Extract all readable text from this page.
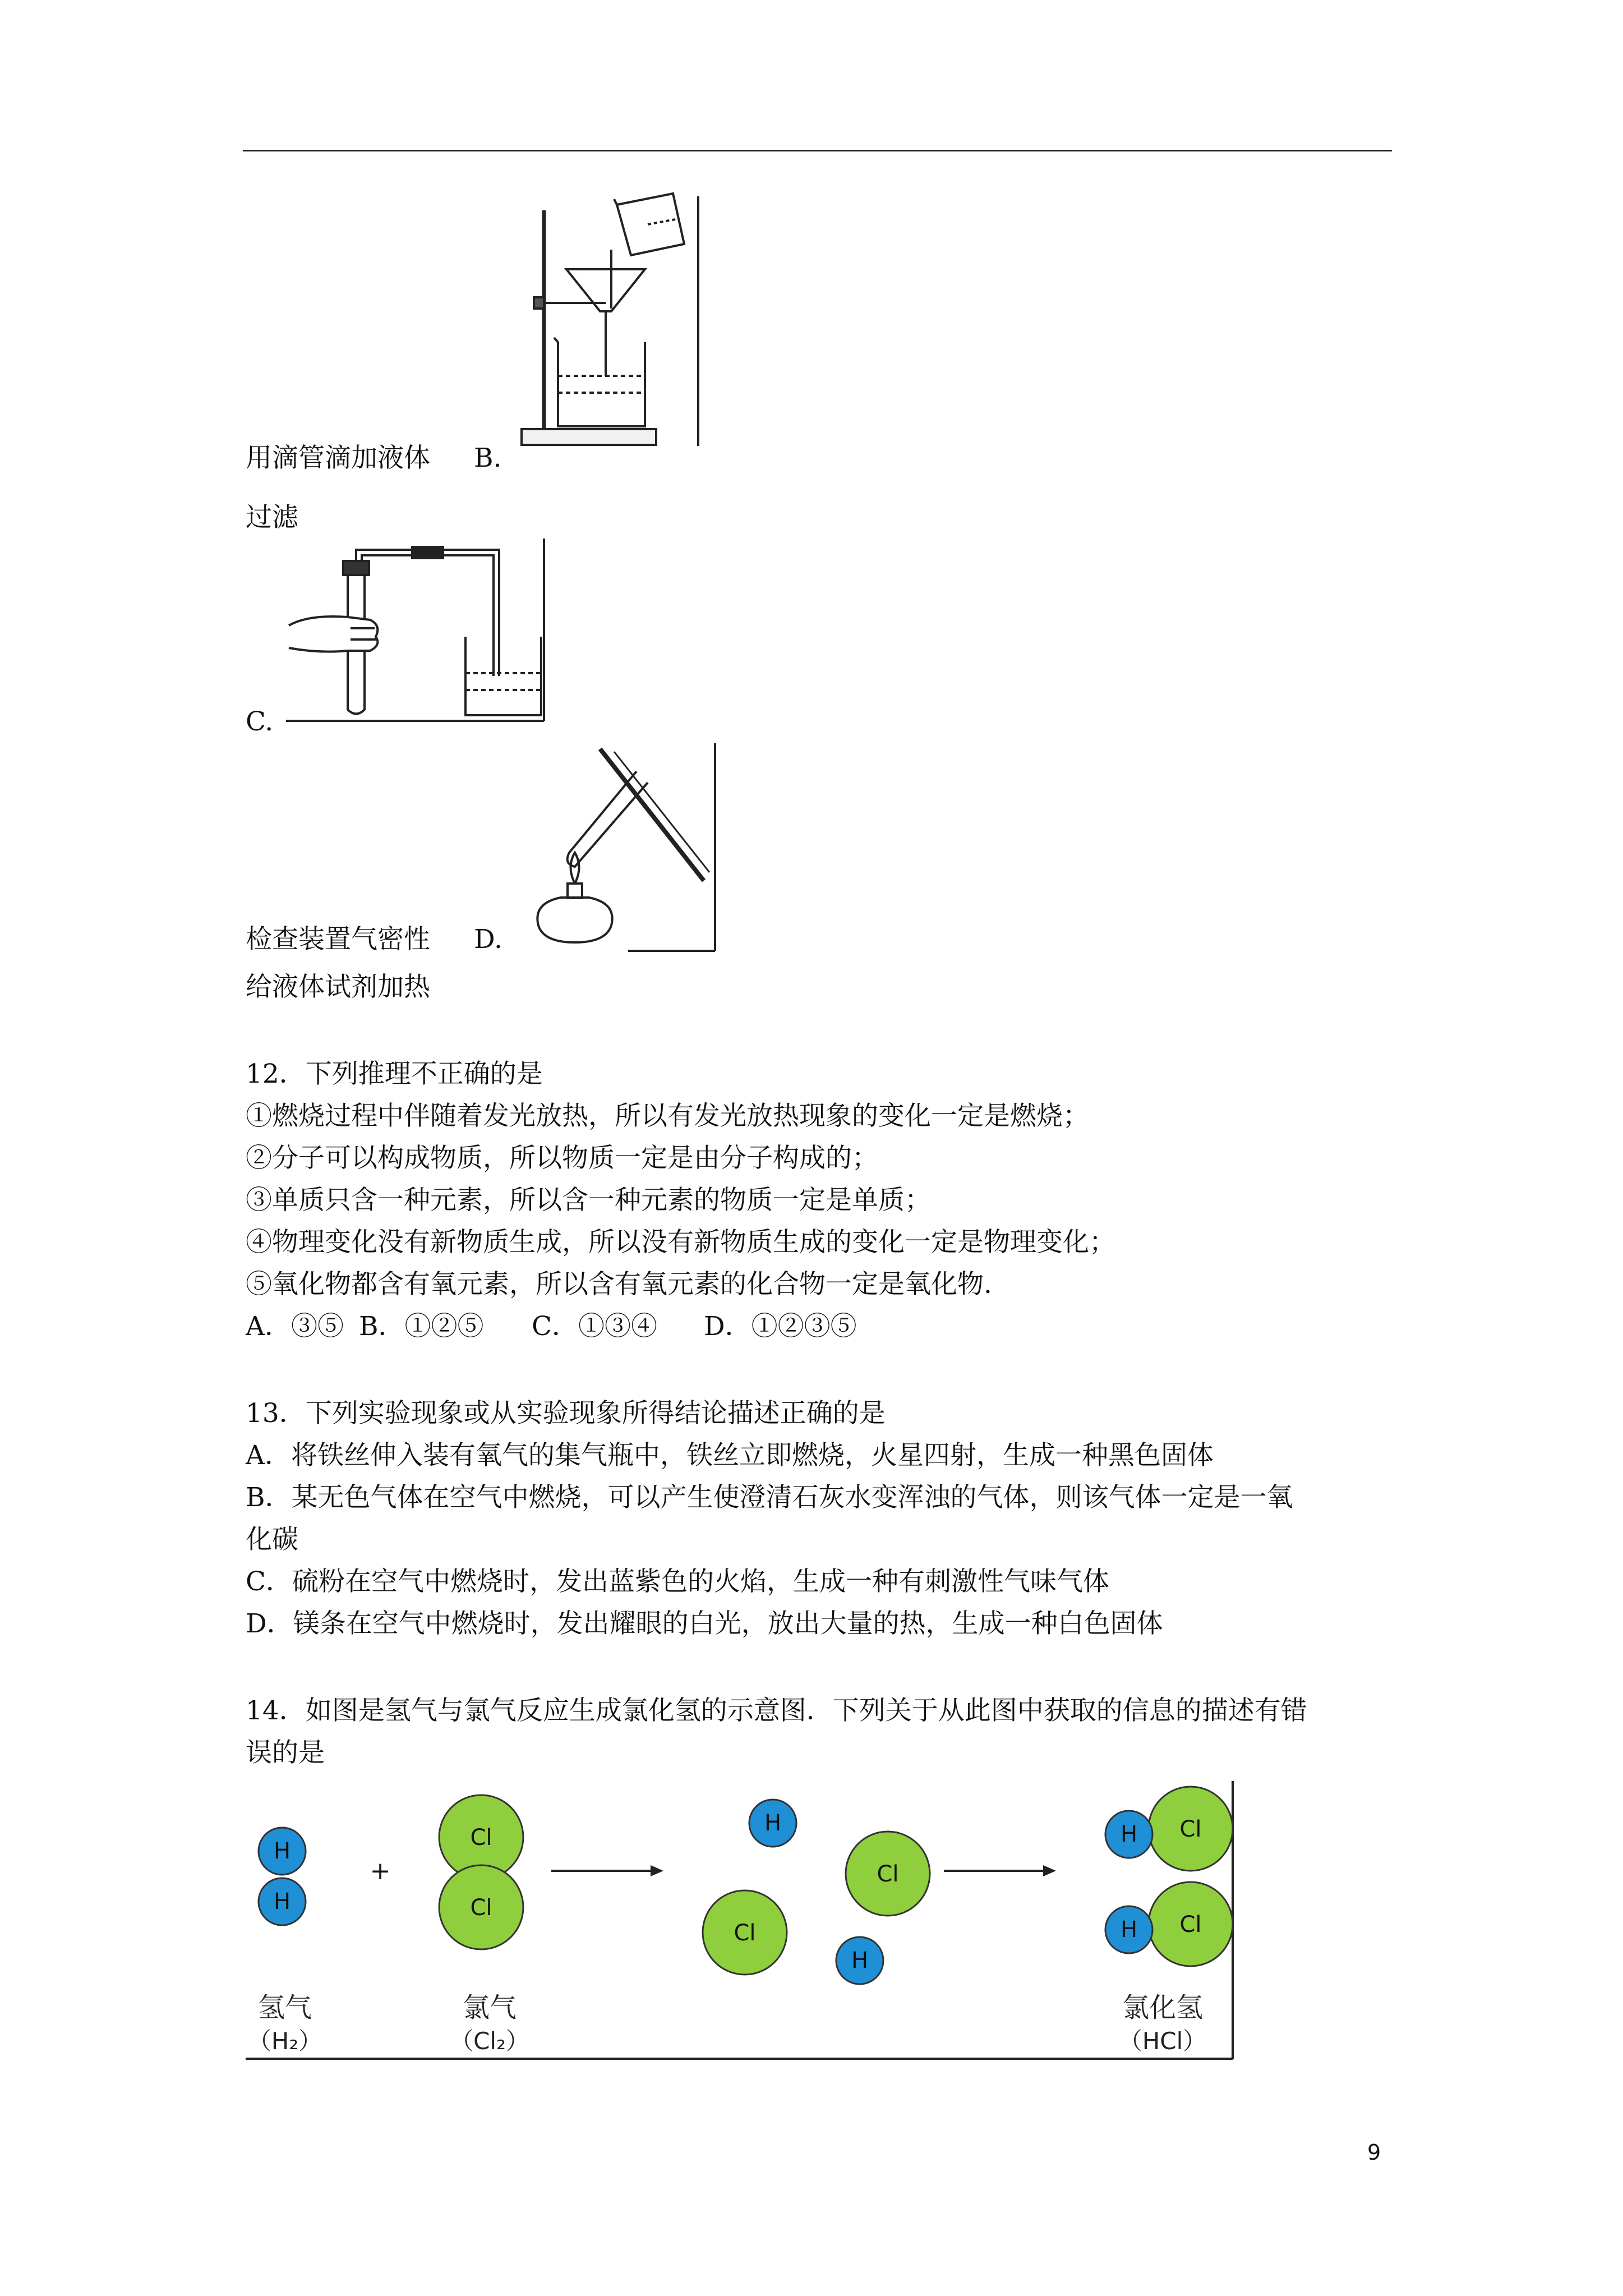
用滴管滴加液体 B.
过滤
C.
检查装置气密性 D.
给液体试剂加热
12．下列推理不正确的是
①燃烧过程中伴随着发光放热，所以有发光放热现象的变化一定是燃烧；
②分子可以构成物质，所以物质一定是由分子构成的；
③单质只含一种元素，所以含一种元素的物质一定是单质；
④物理变化没有新物质生成，所以没有新物质生成的变化一定是物理变化；
⑤氧化物都含有氧元素，所以含有氧元素的化合物一定是氧化物.
A．③⑤ B．①②⑤ C．①③④ D．①②③⑤
13．下列实验现象或从实验现象所得结论描述正确的是
A．将铁丝伸入装有氧气的集气瓶中，铁丝立即燃烧，火星四射，生成一种黑色固体
B．某无色气体在空气中燃烧，可以产生使澄清石灰水变浑浊的气体，则该气体一定是一氧
化碳
C．硫粉在空气中燃烧时，发出蓝紫色的火焰，生成一种有刺激性气味气体
D．镁条在空气中燃烧时，发出耀眼的白光，放出大量的热，生成一种白色固体
14．如图是氢气与氯气反应生成氯化氢的示意图．下列关于从此图中获取的信息的描述有错
误的是
H
H
+
Cl
Cl
H
Cl
Cl
H
Cl
H
Cl
H
氢气
（H₂）
氯气
（Cl₂）
氯化氢
（HCl）
9
